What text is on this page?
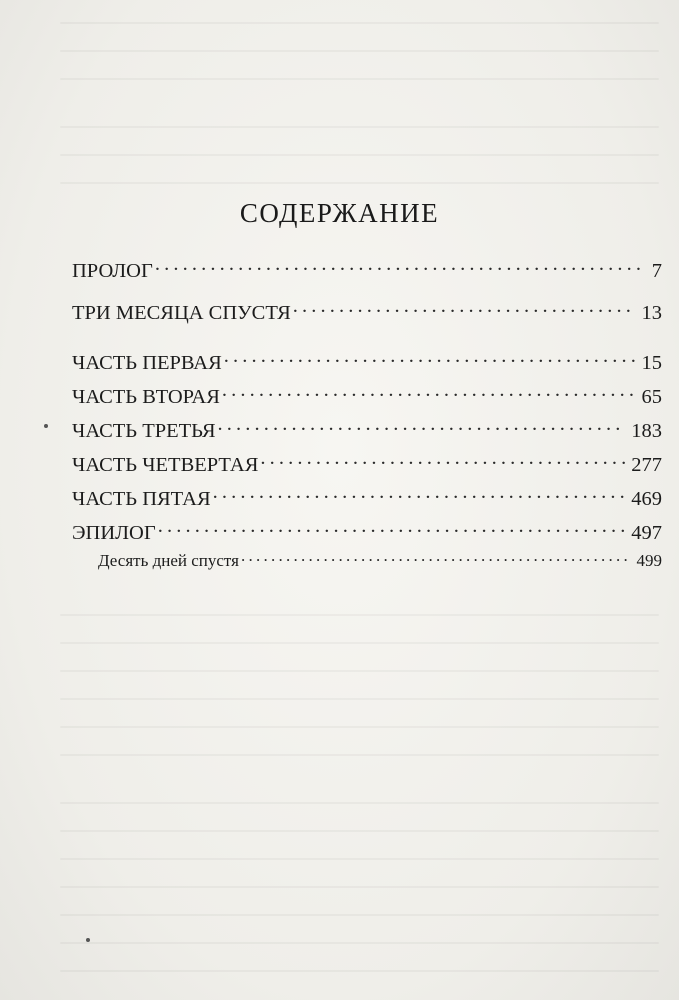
СОДЕРЖАНИЕ
ПРОЛОГ . . .	7
ТРИ МЕСЯЦА СПУСТЯ . . .	13
ЧАСТЬ ПЕРВАЯ . . .	15
ЧАСТЬ ВТОРАЯ . . .	65
ЧАСТЬ ТРЕТЬЯ . . .	183
ЧАСТЬ ЧЕТВЕРТАЯ . . .	277
ЧАСТЬ ПЯТАЯ . . .	469
ЭПИЛОГ . . .	497
Десять дней спустя . . .	499
